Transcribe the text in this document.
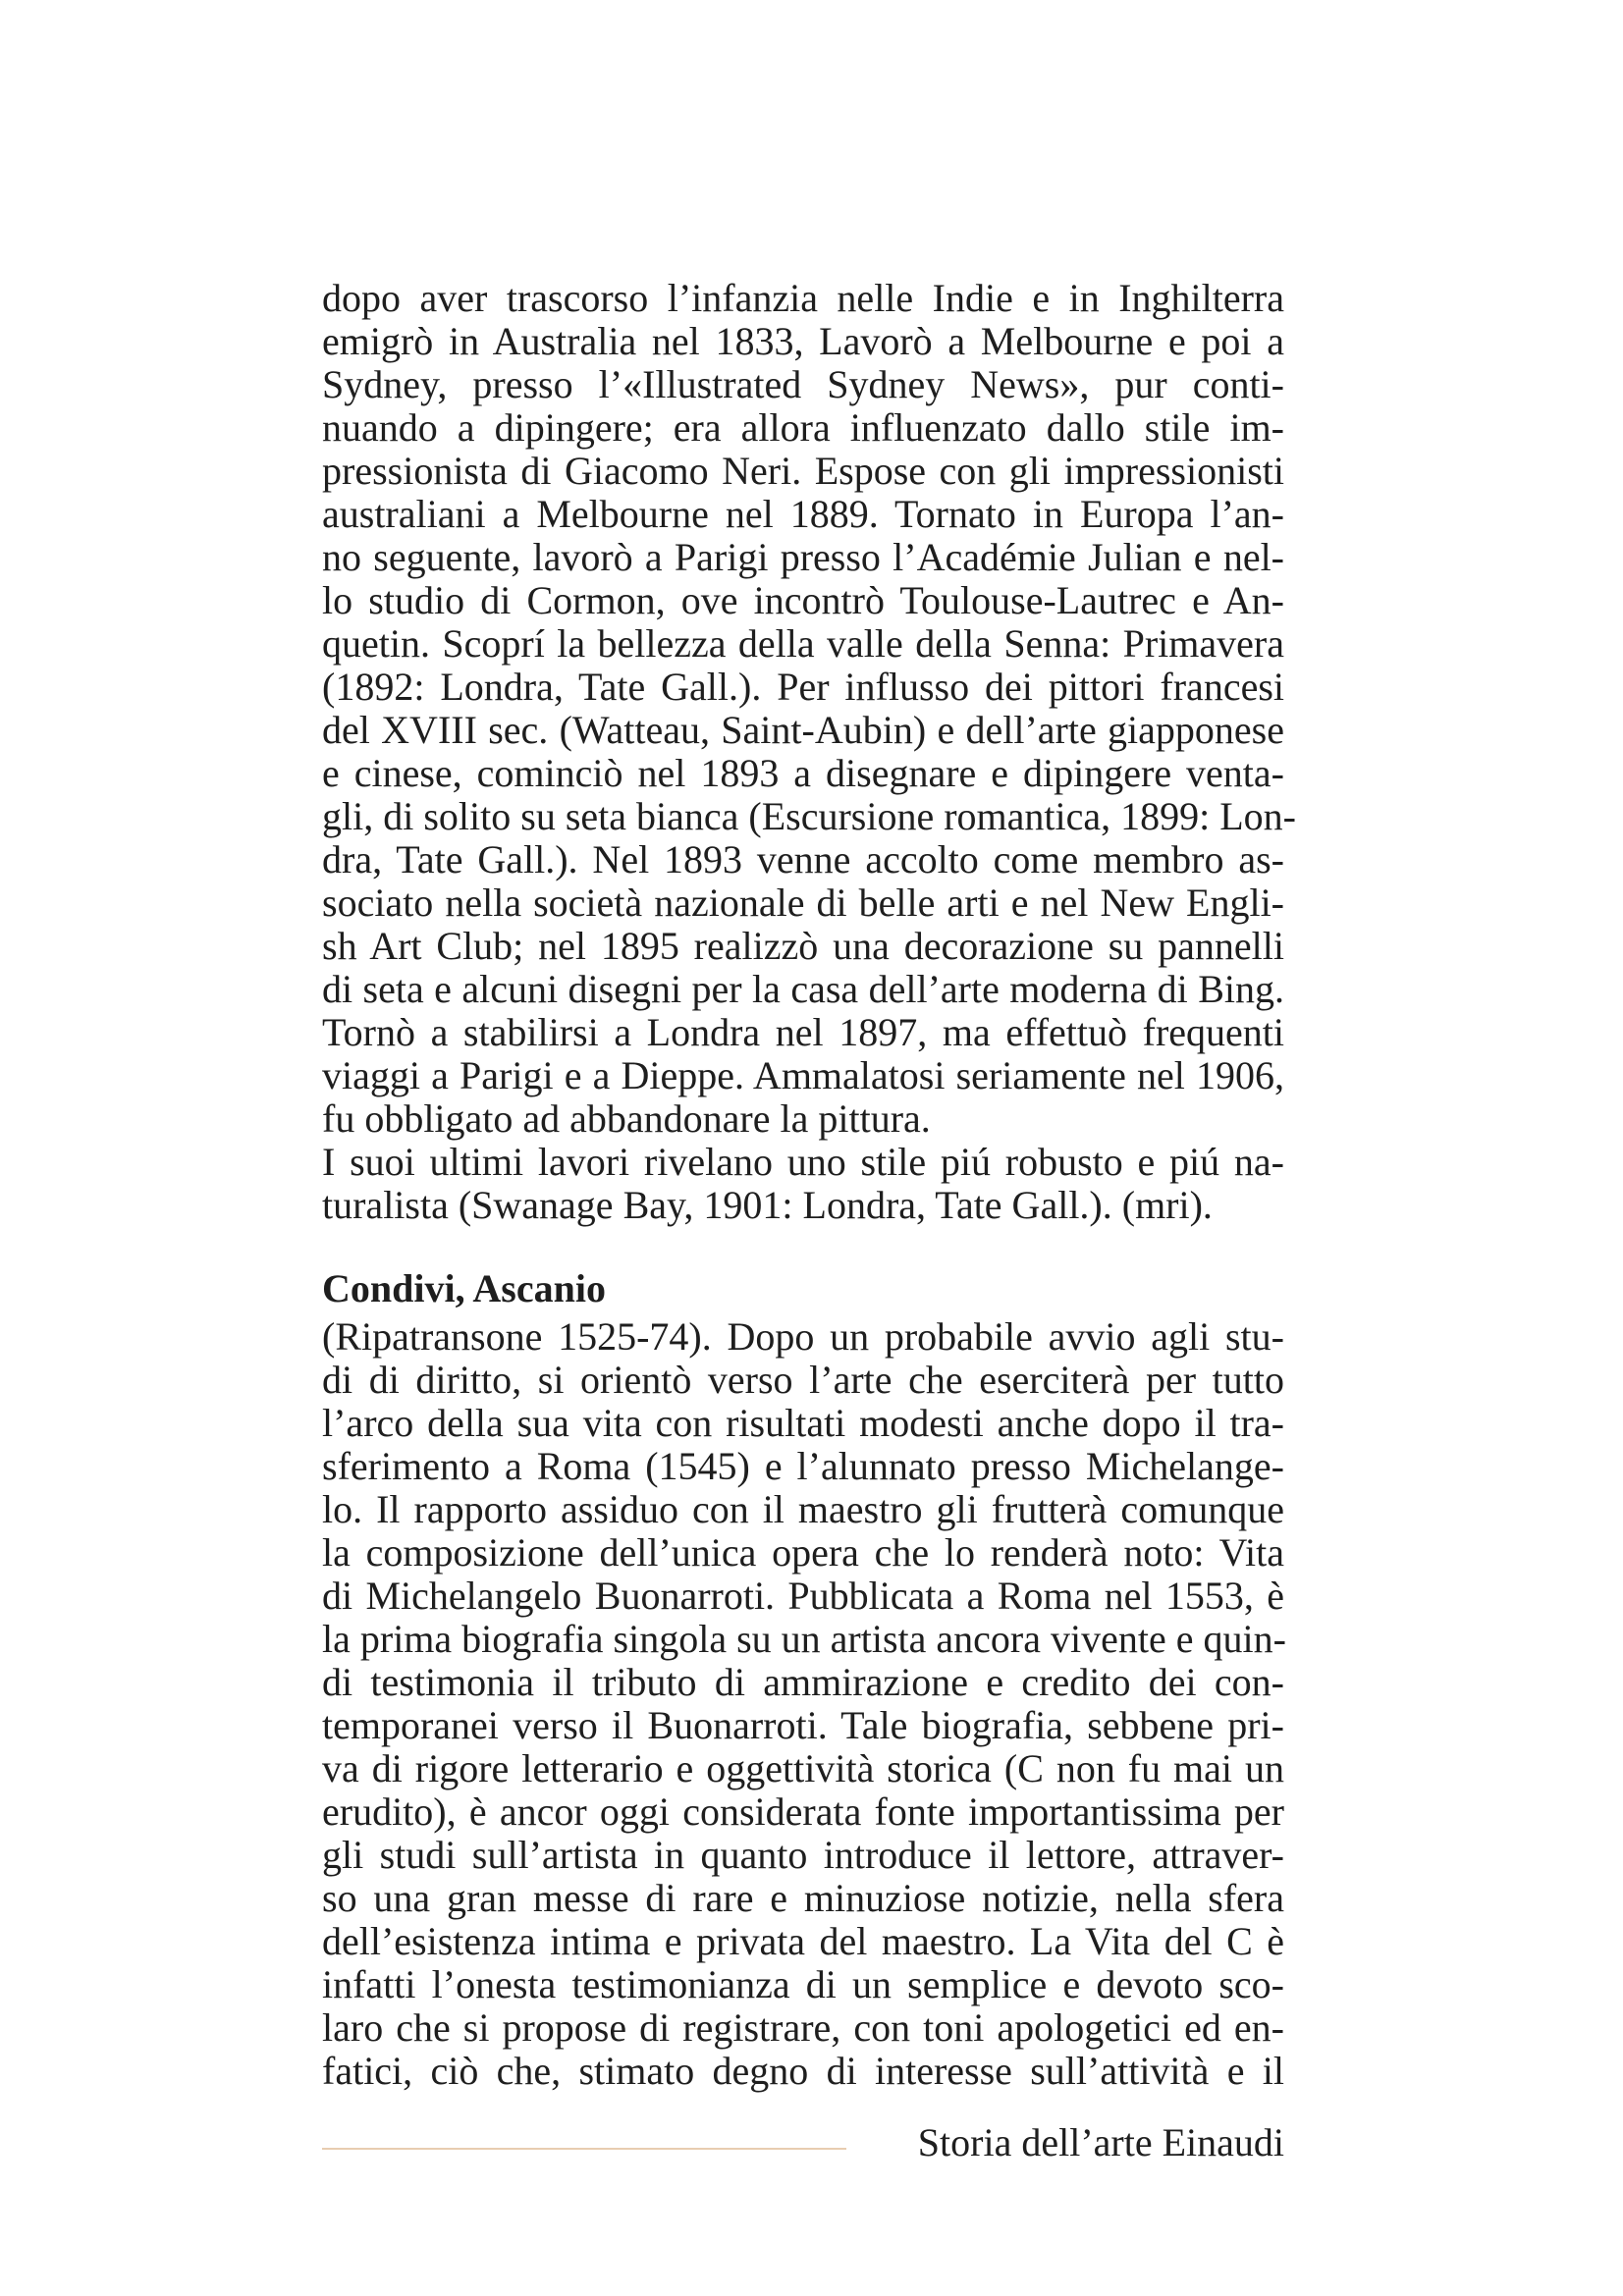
dopo aver trascorso l’infanzia nelle Indie e in Inghilterra
emigrò in Australia nel 1833, Lavorò a Melbourne e poi a
Sydney, presso l’«Illustrated Sydney News», pur conti-
nuando a dipingere; era allora influenzato dallo stile im-
pressionista di Giacomo Neri. Espose con gli impressionisti
australiani a Melbourne nel 1889. Tornato in Europa l’an-
no seguente, lavorò a Parigi presso l’Académie Julian e nel-
lo studio di Cormon, ove incontrò Toulouse-Lautrec e An-
quetin. Scoprí la bellezza della valle della Senna: Primavera
(1892: Londra, Tate Gall.). Per influsso dei pittori francesi
del XVIII sec. (Watteau, Saint-Aubin) e dell’arte giapponese
e cinese, cominciò nel 1893 a disegnare e dipingere venta-
gli, di solito su seta bianca (Escursione romantica, 1899: Lon-
dra, Tate Gall.). Nel 1893 venne accolto come membro as-
sociato nella società nazionale di belle arti e nel New Engli-
sh Art Club; nel 1895 realizzò una decorazione su pannelli
di seta e alcuni disegni per la casa dell’arte moderna di Bing.
Tornò a stabilirsi a Londra nel 1897, ma effettuò frequenti
viaggi a Parigi e a Dieppe. Ammalatosi seriamente nel 1906,
fu obbligato ad abbandonare la pittura.
I suoi ultimi lavori rivelano uno stile piú robusto e piú na-
turalista (Swanage Bay, 1901: Londra, Tate Gall.). (mri).
Condivi, Ascanio
(Ripatransone 1525-74). Dopo un probabile avvio agli stu-
di di diritto, si orientò verso l’arte che eserciterà per tutto
l’arco della sua vita con risultati modesti anche dopo il tra-
sferimento a Roma (1545) e l’alunnato presso Michelange-
lo. Il rapporto assiduo con il maestro gli frutterà comunque
la composizione dell’unica opera che lo renderà noto: Vita
di Michelangelo Buonarroti. Pubblicata a Roma nel 1553, è
la prima biografia singola su un artista ancora vivente e quin-
di testimonia il tributo di ammirazione e credito dei con-
temporanei verso il Buonarroti. Tale biografia, sebbene pri-
va di rigore letterario e oggettività storica (C non fu mai un
erudito), è ancor oggi considerata fonte importantissima per
gli studi sull’artista in quanto introduce il lettore, attraver-
so una gran messe di rare e minuziose notizie, nella sfera
dell’esistenza intima e privata del maestro. La Vita del C è
infatti l’onesta testimonianza di un semplice e devoto sco-
laro che si propose di registrare, con toni apologetici ed en-
fatici, ciò che, stimato degno di interesse sull’attività e il
Storia dell’arte Einaudi
